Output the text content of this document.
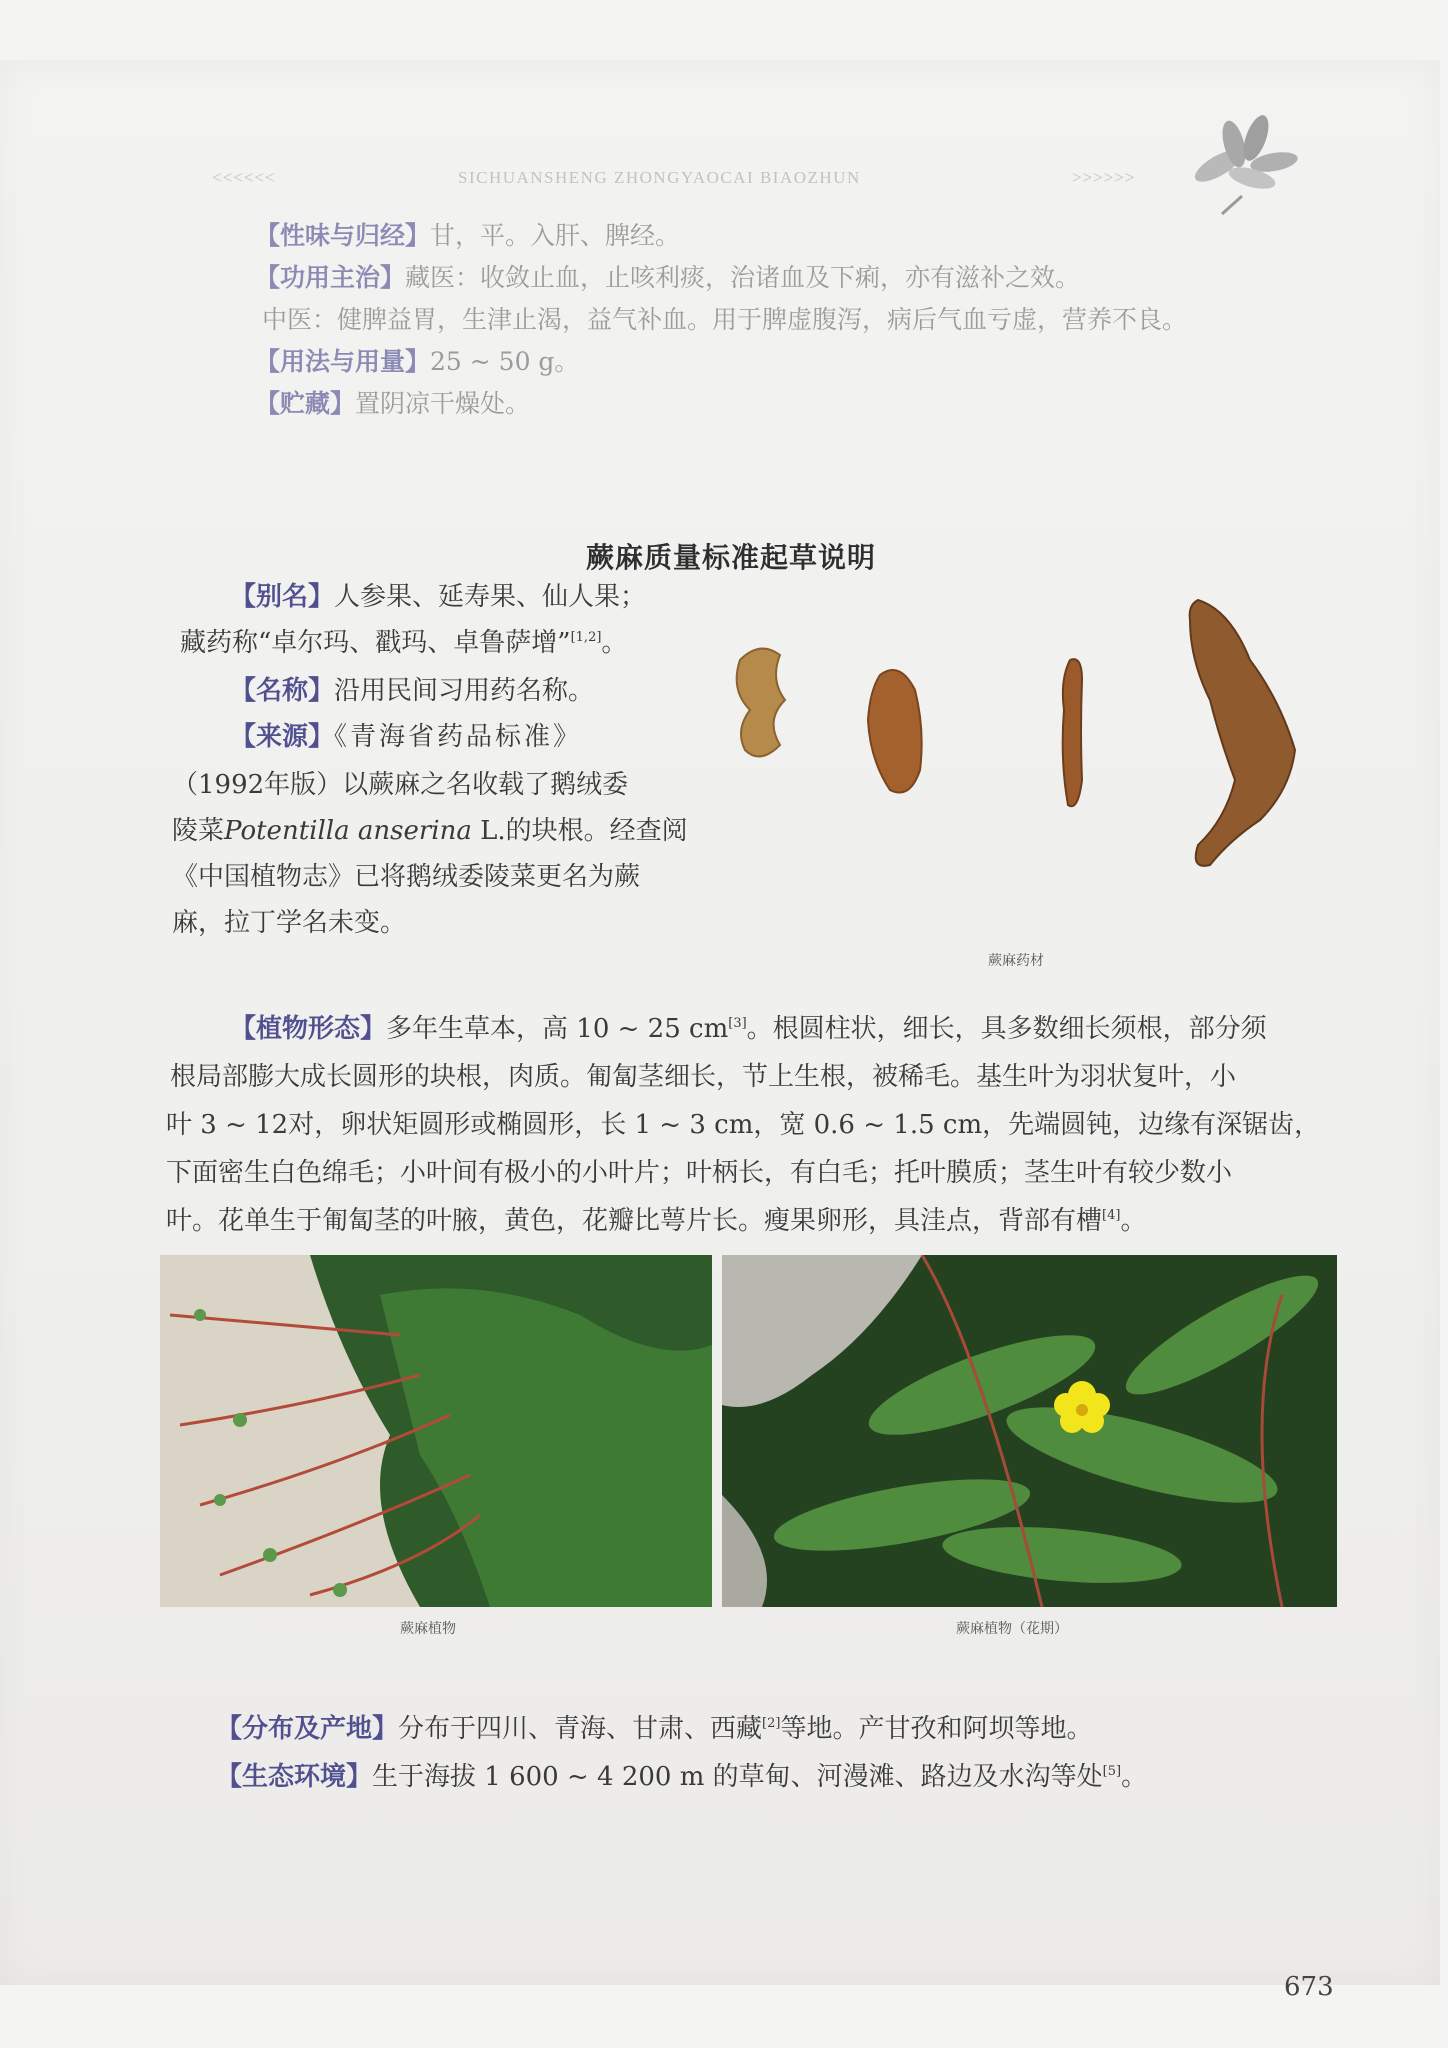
<<<<<<	SICHUANSHENG ZHONGYAOCAI BIAOZHUN	>>>>>>
【性味与归经】甘，平。入肝、脾经。
【功用主治】藏医：收敛止血，止咳利痰，治诸血及下痢，亦有滋补之效。
中医：健脾益胃，生津止渴，益气补血。用于脾虚腹泻，病后气血亏虚，营养不良。
【用法与用量】25 ~ 50 g。
【贮藏】置阴凉干燥处。
蕨麻质量标准起草说明
【别名】人参果、延寿果、仙人果；
藏药称“卓尔玛、戳玛、卓鲁萨增”[1,2]。
【名称】沿用民间习用药名称。
【来源】《青海省药品标准》
（1992年版）以蕨麻之名收载了鹅绒委
陵菜Potentilla anserina L.的块根。经查阅
《中国植物志》已将鹅绒委陵菜更名为蕨
麻，拉丁学名未变。
蕨麻药材
【植物形态】多年生草本，高 10 ~ 25 cm[3]。根圆柱状，细长，具多数细长须根，部分须
根局部膨大成长圆形的块根，肉质。匍匐茎细长，节上生根，被稀毛。基生叶为羽状复叶，小
叶 3 ~ 12对，卵状矩圆形或椭圆形，长 1 ~ 3 cm，宽 0.6 ~ 1.5 cm，先端圆钝，边缘有深锯齿，
下面密生白色绵毛；小叶间有极小的小叶片；叶柄长，有白毛；托叶膜质；茎生叶有较少数小
叶。花单生于匍匐茎的叶腋，黄色，花瓣比萼片长。瘦果卵形，具洼点，背部有槽[4]。
蕨麻植物	蕨麻植物（花期）
【分布及产地】分布于四川、青海、甘肃、西藏[2]等地。产甘孜和阿坝等地。
【生态环境】生于海拔 1 600 ~ 4 200 m 的草甸、河漫滩、路边及水沟等处[5]。
673
